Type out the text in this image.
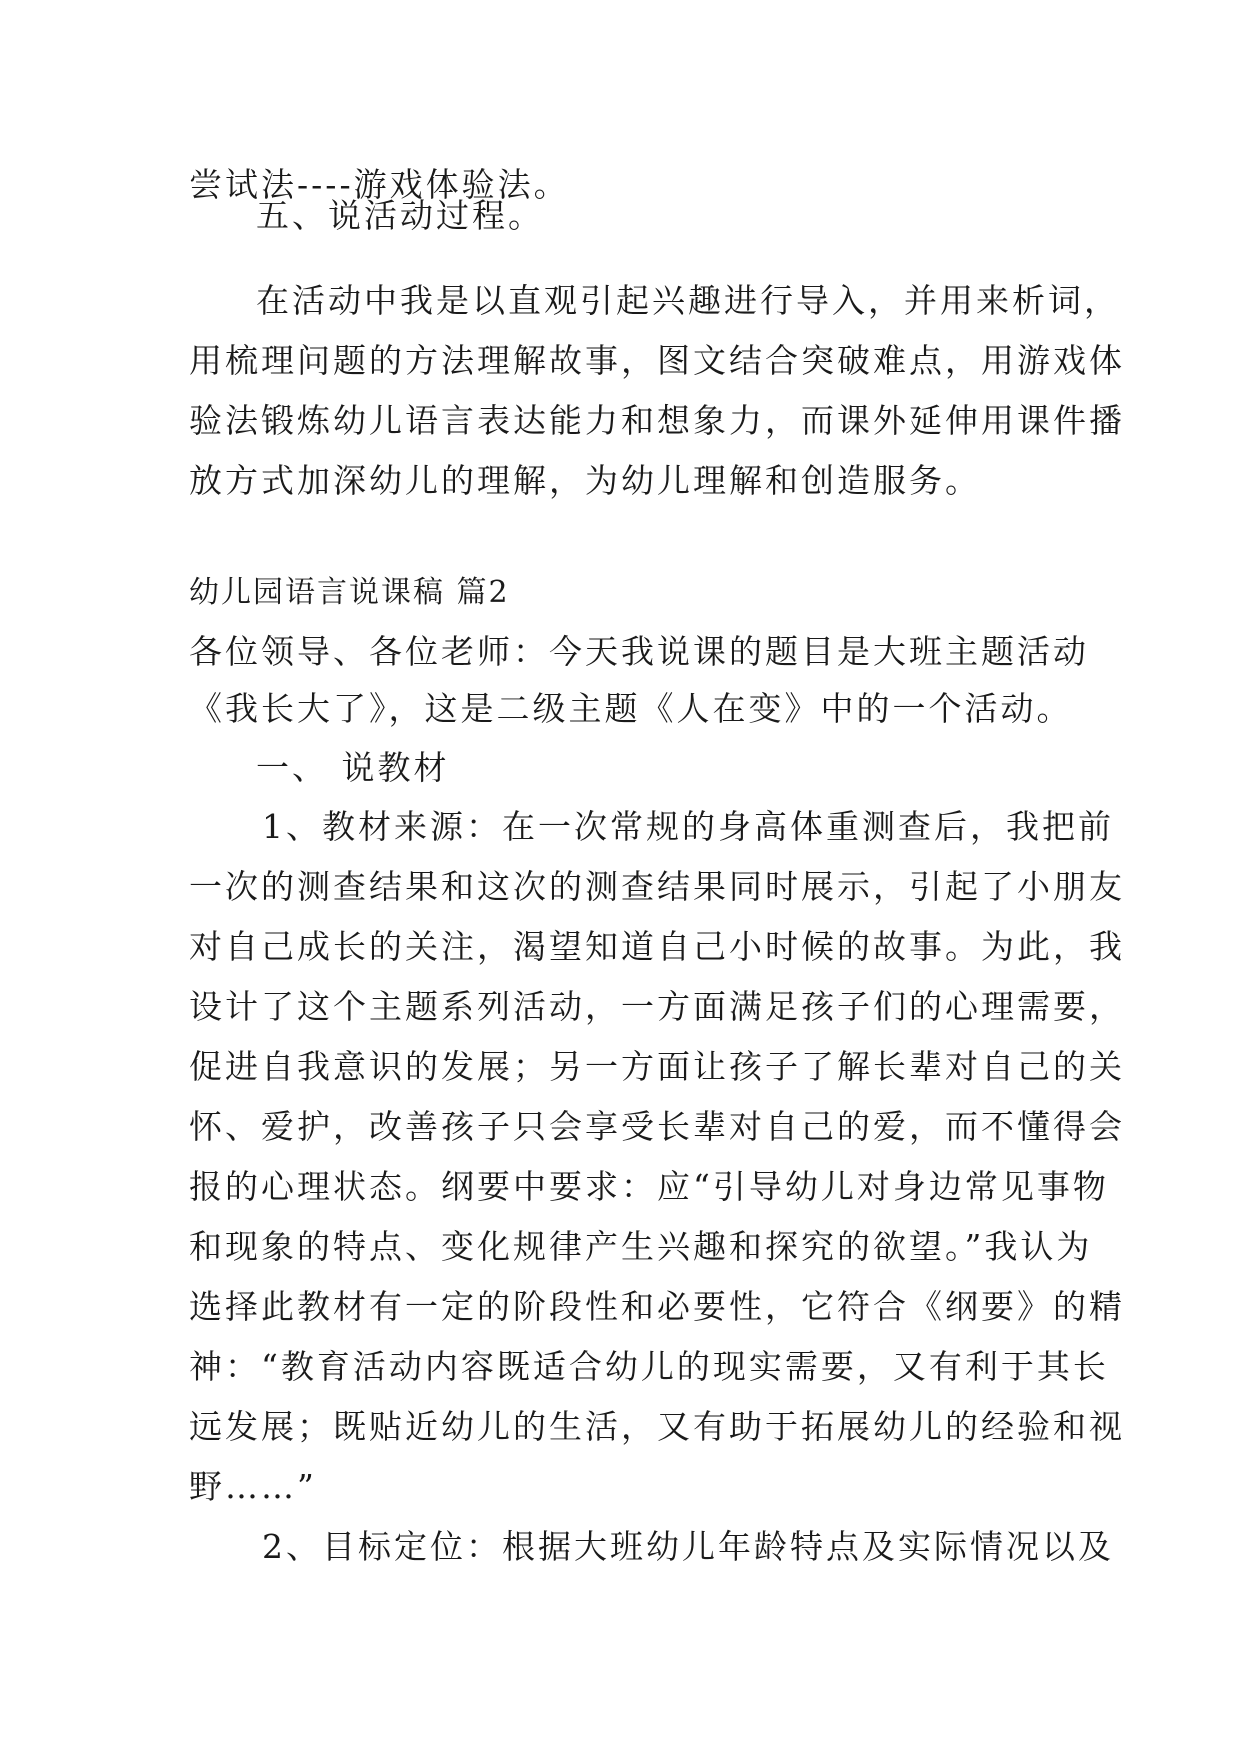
尝试法----游戏体验法。
五、说活动过程。
在活动中我是以直观引起兴趣进行导入，并用来析词，
用梳理问题的方法理解故事，图文结合突破难点，用游戏体
验法锻炼幼儿语言表达能力和想象力，而课外延伸用课件播
放方式加深幼儿的理解，为幼儿理解和创造服务。
幼儿园语言说课稿 篇2
各位领导、各位老师：今天我说课的题目是大班主题活动
《我长大了》，这是二级主题《人在变》中的一个活动。
一、 说教材
1、教材来源：在一次常规的身高体重测查后，我把前
一次的测查结果和这次的测查结果同时展示，引起了小朋友
对自己成长的关注，渴望知道自己小时候的故事。为此，我
设计了这个主题系列活动，一方面满足孩子们的心理需要，
促进自我意识的发展；另一方面让孩子了解长辈对自己的关
怀、爱护，改善孩子只会享受长辈对自己的爱，而不懂得会
报的心理状态。纲要中要求：应“引导幼儿对身边常见事物
和现象的特点、变化规律产生兴趣和探究的欲望。”我认为
选择此教材有一定的阶段性和必要性，它符合《纲要》的精
神：“教育活动内容既适合幼儿的现实需要，又有利于其长
远发展；既贴近幼儿的生活，又有助于拓展幼儿的经验和视
野……”
2、目标定位：根据大班幼儿年龄特点及实际情况以及
